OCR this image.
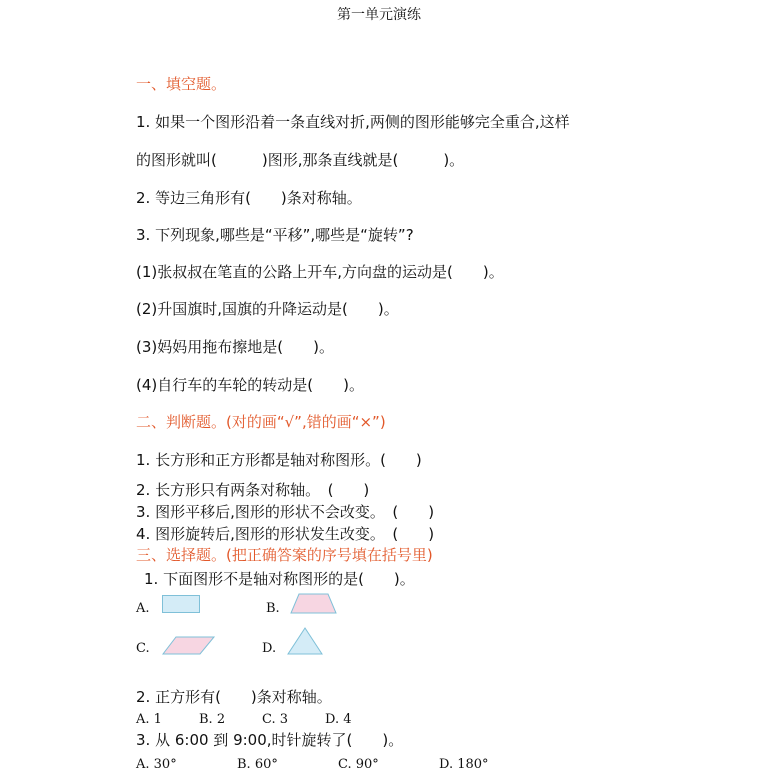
第一单元演练
一、填空题。
1. 如果一个图形沿着一条直线对折,两侧的图形能够完全重合,这样
的图形就叫(　　　)图形,那条直线就是(　　　)。
2. 等边三角形有(　　)条对称轴。
3. 下列现象,哪些是“平移”,哪些是“旋转”?
(1)张叔叔在笔直的公路上开车,方向盘的运动是(　　)。
(2)升国旗时,国旗的升降运动是(　　)。
(3)妈妈用拖布擦地是(　　)。
(4)自行车的车轮的转动是(　　)。
二、判断题。(对的画“√”,错的画“×”)
1. 长方形和正方形都是轴对称图形。(　　)
2. 长方形只有两条对称轴。　(　　)
3. 图形平移后,图形的形状不会改变。　(　　)
4. 图形旋转后,图形的形状发生改变。　(　　)
三、选择题。(把正确答案的序号填在括号里)
1. 下面图形不是轴对称图形的是(　　)。
A.	B.
C.	D.
2. 正方形有(　　)条对称轴。
A. 1	B. 2	C. 3	D. 4
3. 从 6:00 到 9:00,时针旋转了(　　)。
A. 30°	B. 60°	C. 90°	D. 180°
